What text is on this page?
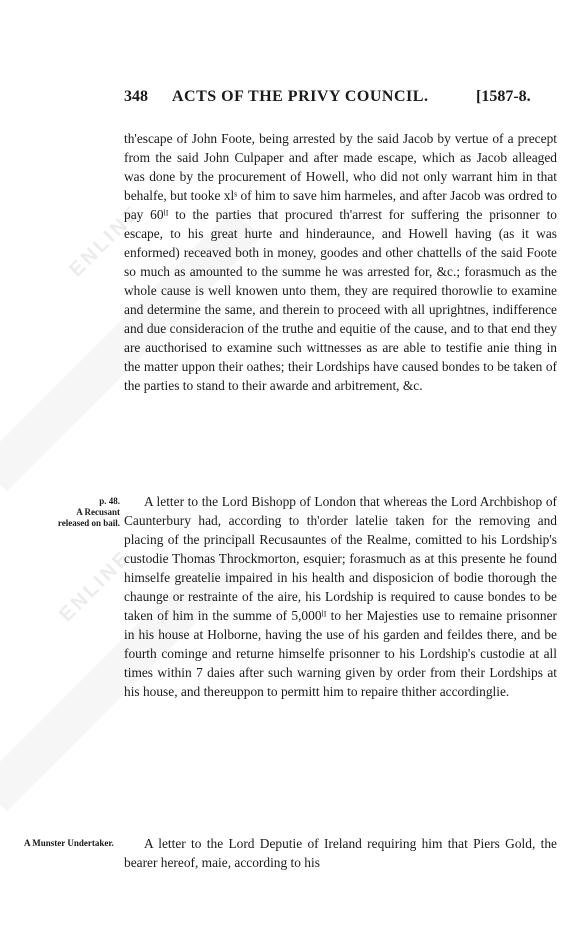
ENLINE
ENLINE
348 ACTS OF THE PRIVY COUNCIL.	[1587-8.
th'escape of John Foote, being arrested by the said Jacob by vertue of a precept from the said John Culpaper and after made escape, which as Jacob alleaged was done by the procurement of Howell, who did not only warrant him in that behalfe, but tooke xlˢ of him to save him harmeles, and after Jacob was ordred to pay 60ˡᴵ to the parties that procured th'arrest for suffering the prisonner to escape, to his great hurte and hinderaunce, and Howell having (as it was enformed) receaved both in money, goodes and other chattells of the said Foote so much as amounted to the summe he was arrested for, &c.; forasmuch as the whole cause is well knowen unto them, they are required thorowlie to examine and determine the same, and therein to proceed with all uprightnes, indifference and due consideracion of the truthe and equitie of the cause, and to that end they are aucthorised to examine such wittnesses as are able to testifie anie thing in the matter uppon their oathes; their Lordships have caused bondes to be taken of the parties to stand to their awarde and arbitrement, &c.
p. 48.
A Recusant
released on bail.
A letter to the Lord Bishopp of London that whereas the Lord Archbishop of Caunterbury had, according to th'order latelie taken for the removing and placing of the principall Recusauntes of the Realme, comitted to his Lordship's custodie Thomas Throckmorton, esquier; forasmuch as at this presente he found himselfe greatelie impaired in his health and disposicion of bodie thorough the chaunge or restrainte of the aire, his Lordship is required to cause bondes to be taken of him in the summe of 5,000ˡᴵ to her Majesties use to remaine prisonner in his house at Holborne, having the use of his garden and feildes there, and be fourth cominge and returne himselfe prisonner to his Lordship's custodie at all times within 7 daies after such warning given by order from their Lordships at his house, and thereuppon to permitt him to repaire thither accordinglie.
A Munster Undertaker.	A letter to the Lord Deputie of Ireland requiring him that Piers Gold, the bearer hereof, maie, according to his
